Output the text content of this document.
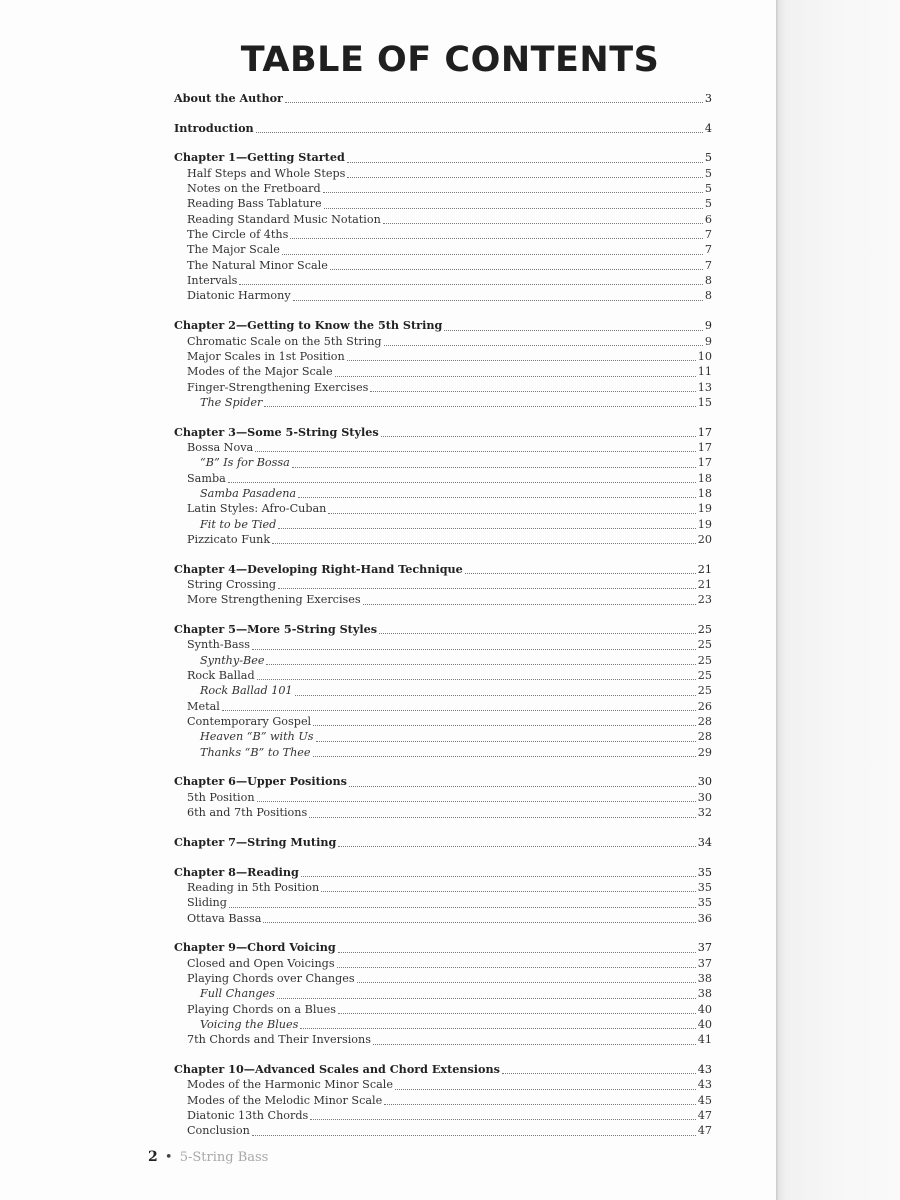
TABLE OF CONTENTS
About the Author	3
Introduction	4
Chapter 1—Getting Started	5
Half Steps and Whole Steps	5
Notes on the Fretboard	5
Reading Bass Tablature	5
Reading Standard Music Notation	6
The Circle of 4ths	7
The Major Scale	7
The Natural Minor Scale	7
Intervals	8
Diatonic Harmony	8
Chapter 2—Getting to Know the 5th String	9
Chromatic Scale on the 5th String	9
Major Scales in 1st Position	10
Modes of the Major Scale	11
Finger-Strengthening Exercises	13
The Spider	15
Chapter 3—Some 5-String Styles	17
Bossa Nova	17
“B” Is for Bossa	17
Samba	18
Samba Pasadena	18
Latin Styles: Afro-Cuban	19
Fit to be Tied	19
Pizzicato Funk	20
Chapter 4—Developing Right-Hand Technique	21
String Crossing	21
More Strengthening Exercises	23
Chapter 5—More 5-String Styles	25
Synth-Bass	25
Synthy-Bee	25
Rock Ballad	25
Rock Ballad 101	25
Metal	26
Contemporary Gospel	28
Heaven “B” with Us	28
Thanks “B” to Thee	29
Chapter 6—Upper Positions	30
5th Position	30
6th and 7th Positions	32
Chapter 7—String Muting	34
Chapter 8—Reading	35
Reading in 5th Position	35
Sliding	35
Ottava Bassa	36
Chapter 9—Chord Voicing	37
Closed and Open Voicings	37
Playing Chords over Changes	38
Full Changes	38
Playing Chords on a Blues	40
Voicing the Blues	40
7th Chords and Their Inversions	41
Chapter 10—Advanced Scales and Chord Extensions	43
Modes of the Harmonic Minor Scale	43
Modes of the Melodic Minor Scale	45
Diatonic 13th Chords	47
Conclusion	47
2 • 5-String Bass
